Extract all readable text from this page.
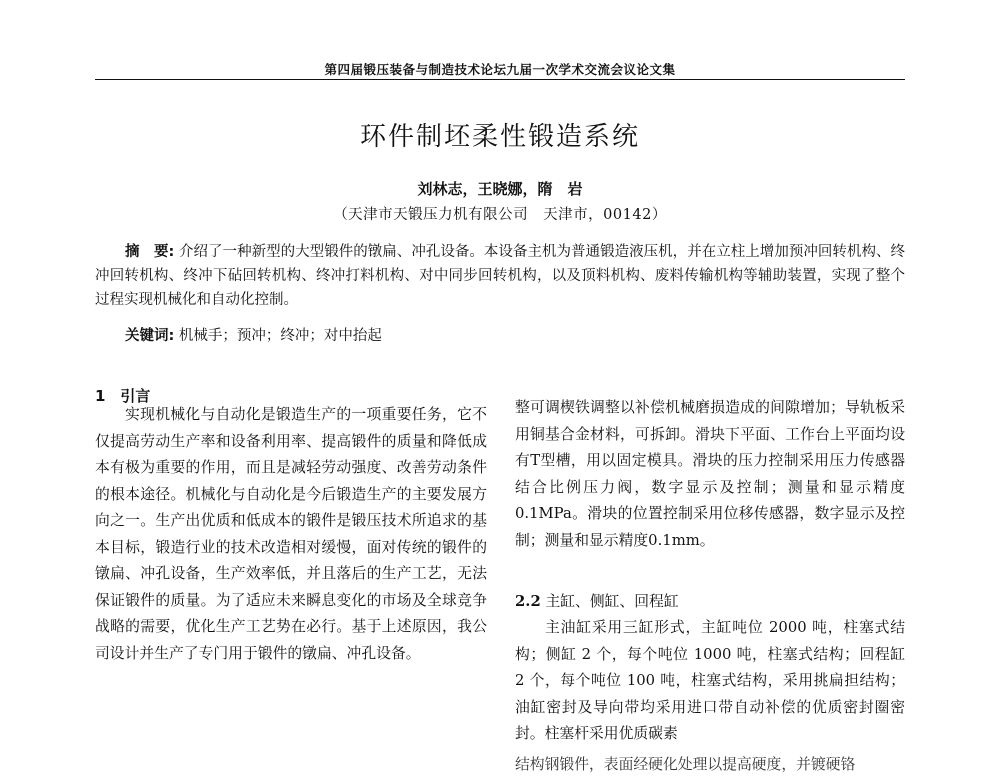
第四届锻压装备与制造技术论坛九届一次学术交流会议论文集
环件制坯柔性锻造系统
刘林志，王晓娜，隋　岩
（天津市天锻压力机有限公司　天津市，00142）

摘　要: 介绍了一种新型的大型锻件的镦扁、冲孔设备。本设备主机为普通锻造液压机，并在立柱上增加预冲回转机构、终冲回转机构、终冲下砧回转机构、终冲打料机构、对中同步回转机构，以及顶料机构、废料传输机构等辅助装置，实现了整个过程实现机械化和自动化控制。

关键词: 机械手；预冲；终冲；对中抬起
1　引言

实现机械化与自动化是锻造生产的一项重要任务，它不仅提高劳动生产率和设备利用率、提高锻件的质量和降低成本有极为重要的作用，而且是减轻劳动强度、改善劳动条件的根本途径。机械化与自动化是今后锻造生产的主要发展方向之一。生产出优质和低成本的锻件是锻压技术所追求的基本目标，锻造行业的技术改造相对缓慢，面对传统的锻件的镦扁、冲孔设备，生产效率低，并且落后的生产工艺，无法保证锻件的质量。为了适应未来瞬息变化的市场及全球竞争战略的需要，优化生产工艺势在必行。基于上述原因，我公司设计并生产了专门用于锻件的镦扁、冲孔设备。

整可调楔铁调整以补偿机械磨损造成的间隙增加；导轨板采用铜基合金材料，可拆卸。滑块下平面、工作台上平面均设有T型槽，用以固定模具。滑块的压力控制采用压力传感器结合比例压力阀，数字显示及控制；测量和显示精度0.1MPa。滑块的位置控制采用位移传感器，数字显示及控制；测量和显示精度0.1mm。

2.2 主缸、侧缸、回程缸

主油缸采用三缸形式，主缸吨位 2000 吨，柱塞式结构；侧缸 2 个，每个吨位 1000 吨，柱塞式结构；回程缸 2 个，每个吨位 100 吨，柱塞式结构，采用挑扁担结构；油缸密封及导向带均采用进口带自动补偿的优质密封圈密封。柱塞杆采用优质碳素

结构钢锻件，表面经硬化处理以提高硬度，并镀硬铬
